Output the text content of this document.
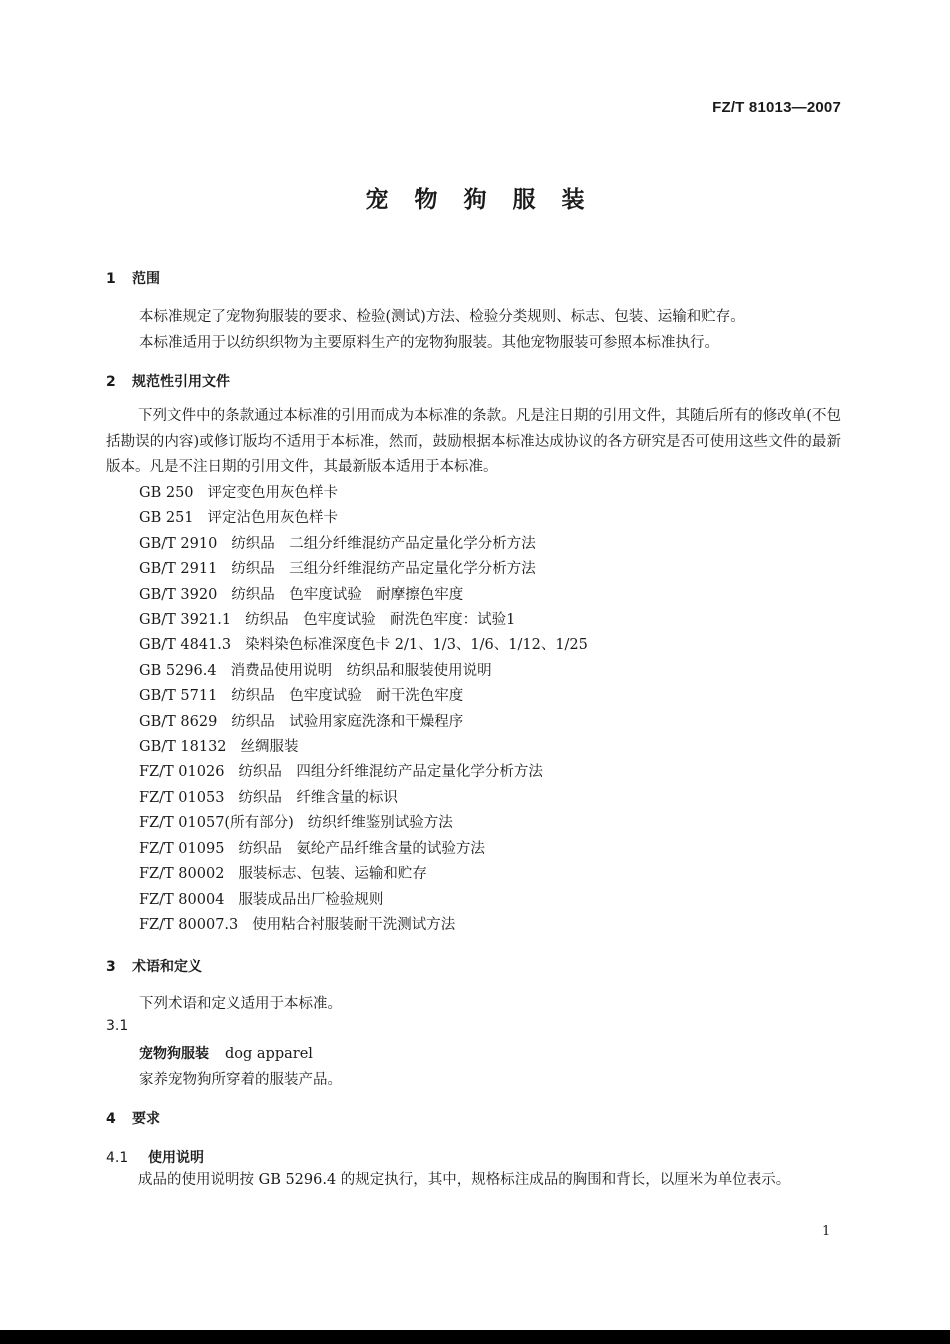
FZ/T 81013—2007
宠物狗服装
1 范围
本标准规定了宠物狗服装的要求、检验(测试)方法、检验分类规则、标志、包装、运输和贮存。
本标准适用于以纺织织物为主要原料生产的宠物狗服装。其他宠物服装可参照本标准执行。
2 规范性引用文件
下列文件中的条款通过本标准的引用而成为本标准的条款。凡是注日期的引用文件，其随后所有的修改单(不包括勘误的内容)或修订版均不适用于本标准，然而，鼓励根据本标准达成协议的各方研究是否可使用这些文件的最新版本。凡是不注日期的引用文件，其最新版本适用于本标准。
GB 250 评定变色用灰色样卡
GB 251 评定沾色用灰色样卡
GB/T 2910 纺织品　二组分纤维混纺产品定量化学分析方法
GB/T 2911 纺织品　三组分纤维混纺产品定量化学分析方法
GB/T 3920 纺织品　色牢度试验　耐摩擦色牢度
GB/T 3921.1 纺织品　色牢度试验　耐洗色牢度：试验1
GB/T 4841.3 染料染色标准深度色卡 2/1、1/3、1/6、1/12、1/25
GB 5296.4 消费品使用说明　纺织品和服装使用说明
GB/T 5711 纺织品　色牢度试验　耐干洗色牢度
GB/T 8629 纺织品　试验用家庭洗涤和干燥程序
GB/T 18132 丝绸服装
FZ/T 01026 纺织品　四组分纤维混纺产品定量化学分析方法
FZ/T 01053 纺织品　纤维含量的标识
FZ/T 01057(所有部分) 纺织纤维鉴别试验方法
FZ/T 01095 纺织品　氨纶产品纤维含量的试验方法
FZ/T 80002 服装标志、包装、运输和贮存
FZ/T 80004 服装成品出厂检验规则
FZ/T 80007.3 使用粘合衬服装耐干洗测试方法
3 术语和定义
下列术语和定义适用于本标准。
3.1
宠物狗服装 dog apparel
家养宠物狗所穿着的服装产品。
4 要求
4.1 使用说明
成品的使用说明按 GB 5296.4 的规定执行，其中，规格标注成品的胸围和背长，以厘米为单位表示。
1
